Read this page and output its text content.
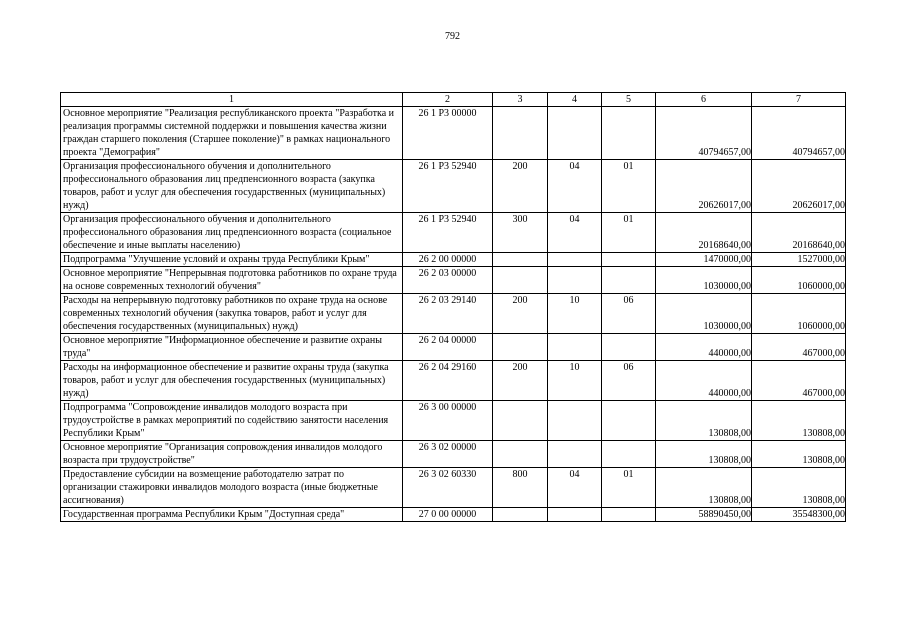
792
1	2	3	4	5	6	7
Основное мероприятие "Реализация республиканского проекта "Разработка и реализация программы системной поддержки и повышения качества жизни граждан старшего поколения (Старшее поколение)" в рамках национального проекта "Демография"	26 1 P3 00000				40794657,00	40794657,00
Организация профессионального обучения и дополнительного профессионального образования лиц предпенсионного возраста (закупка товаров, работ и услуг для обеспечения государственных (муниципальных) нужд)	26 1 P3 52940	200	04	01	20626017,00	20626017,00
Организация профессионального обучения и дополнительного профессионального образования лиц предпенсионного возраста (социальное обеспечение и иные выплаты населению)	26 1 P3 52940	300	04	01	20168640,00	20168640,00
Подпрограмма "Улучшение условий и охраны труда Республики Крым"	26 2 00 00000				1470000,00	1527000,00
Основное мероприятие "Непрерывная подготовка работников по охране труда на основе современных технологий обучения"	26 2 03 00000				1030000,00	1060000,00
Расходы на непрерывную подготовку работников по охране труда на основе современных технологий обучения (закупка товаров, работ и услуг для обеспечения государственных (муниципальных) нужд)	26 2 03 29140	200	10	06	1030000,00	1060000,00
Основное мероприятие "Информационное обеспечение и развитие охраны труда"	26 2 04 00000				440000,00	467000,00
Расходы на информационное обеспечение и развитие охраны труда (закупка товаров, работ и услуг для обеспечения государственных (муниципальных) нужд)	26 2 04 29160	200	10	06	440000,00	467000,00
Подпрограмма "Сопровождение инвалидов молодого возраста при трудоустройстве в рамках мероприятий по содействию занятости населения Республики Крым"	26 3 00 00000				130808,00	130808,00
Основное мероприятие "Организация сопровождения инвалидов молодого возраста при трудоустройстве"	26 3 02 00000				130808,00	130808,00
Предоставление субсидии на возмещение работодателю затрат по организации стажировки инвалидов молодого возраста (иные бюджетные ассигнования)	26 3 02 60330	800	04	01	130808,00	130808,00
Государственная программа Республики Крым "Доступная среда"	27 0 00 00000				58890450,00	35548300,00
